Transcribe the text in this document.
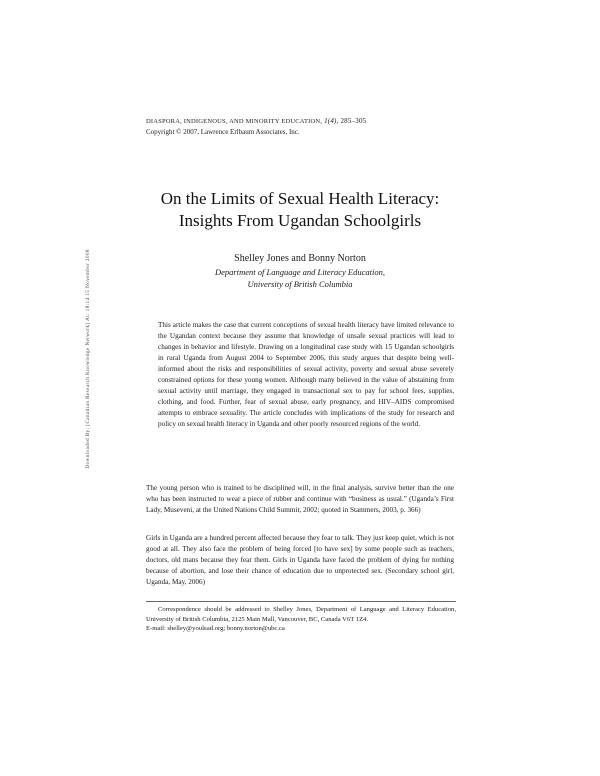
Downloaded By: [Canadian Research Knowledge Network] At: 18:14 15 November 2008
DIASPORA, INDIGENOUS, AND MINORITY EDUCATION, 1(4), 285–305
Copyright © 2007, Lawrence Erlbaum Associates, Inc.
On the Limits of Sexual Health Literacy:
Insights From Ugandan Schoolgirls
Shelley Jones and Bonny Norton
Department of Language and Literacy Education,
University of British Columbia

This article makes the case that current conceptions of sexual health literacy have limited relevance to the Ugandan context because they assume that knowledge of unsafe sexual practices will lead to changes in behavior and lifestyle. Drawing on a longitudinal case study with 15 Ugandan schoolgirls in rural Uganda from August 2004 to September 2006, this study argues that despite being well-informed about the risks and responsibilities of sexual activity, poverty and sexual abuse severely constrained options for these young women. Although many believed in the value of abstaining from sexual activity until marriage, they engaged in transactional sex to pay for school fees, supplies, clothing, and food. Further, fear of sexual abuse, early pregnancy, and HIV–AIDS compromised attempts to embrace sexuality. The article concludes with implications of the study for research and policy on sexual health literacy in Uganda and other poorly resourced regions of the world.

The young person who is trained to be disciplined will, in the final analysis, survive better than the one who has been instructed to wear a piece of rubber and continue with “business as usual.” (Uganda’s First Lady, Museveni, at the United Nations Child Summit, 2002; quoted in Stammers, 2003, p. 366)

Girls in Uganda are a hundred percent affected because they fear to talk. They just keep quiet, which is not good at all. They also face the problem of being forced [to have sex] by some people such as teachers, doctors, old mans because they fear them. Girls in Uganda have faced the problem of dying for nothing because of abortion, and lose their chance of education due to unprotected sex. (Secondary school girl, Uganda, May, 2006)

Correspondence should be addressed to Shelley Jones, Department of Language and Literacy Education, University of British Columbia, 2125 Main Mall, Vancouver, BC, Canada V6T 1Z4.
E-mail: shelley@youlead.org; bonny.norton@ubc.ca
